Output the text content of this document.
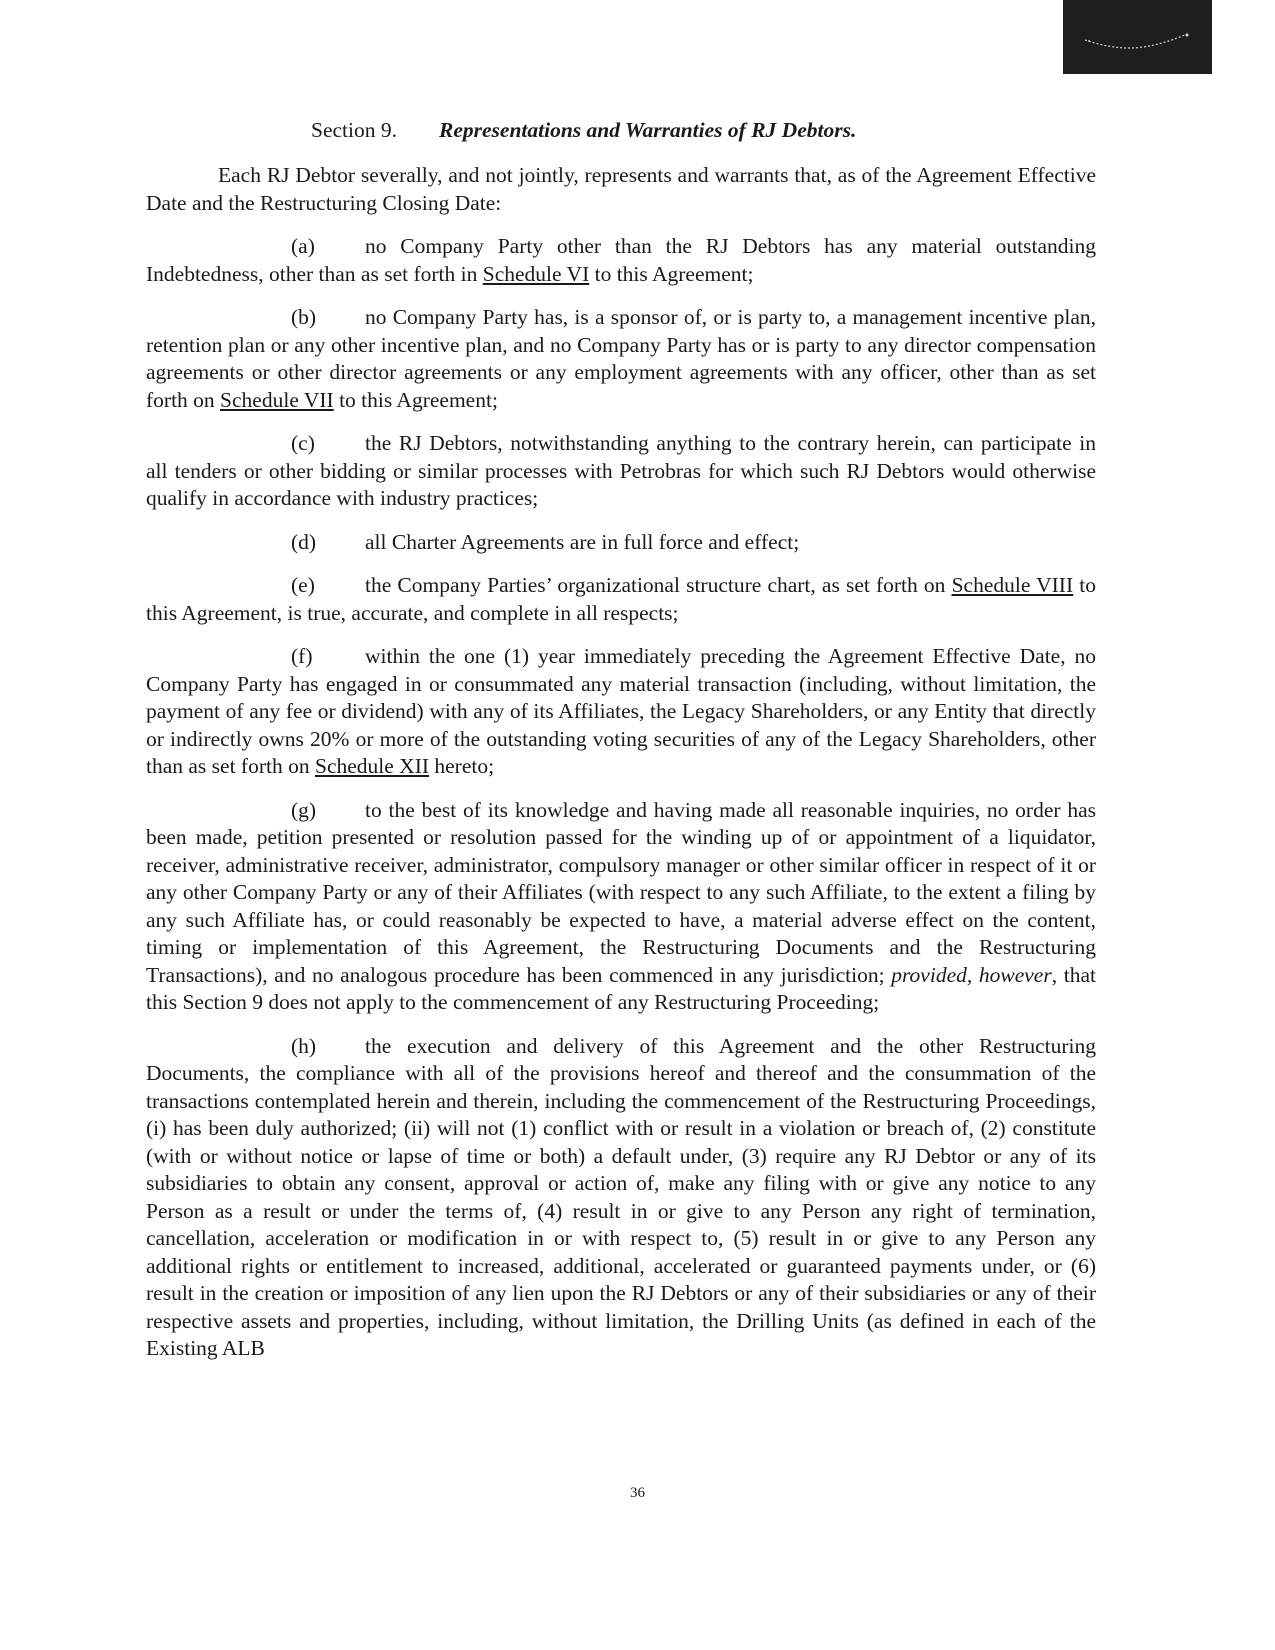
Section 9. Representations and Warranties of RJ Debtors.

Each RJ Debtor severally, and not jointly, represents and warrants that, as of the Agreement Effective Date and the Restructuring Closing Date:

(a) no Company Party other than the RJ Debtors has any material outstanding Indebtedness, other than as set forth in Schedule VI to this Agreement;

(b) no Company Party has, is a sponsor of, or is party to, a management incentive plan, retention plan or any other incentive plan, and no Company Party has or is party to any director compensation agreements or other director agreements or any employment agreements with any officer, other than as set forth on Schedule VII to this Agreement;

(c) the RJ Debtors, notwithstanding anything to the contrary herein, can participate in all tenders or other bidding or similar processes with Petrobras for which such RJ Debtors would otherwise qualify in accordance with industry practices;

(d) all Charter Agreements are in full force and effect;

(e) the Company Parties’ organizational structure chart, as set forth on Schedule VIII to this Agreement, is true, accurate, and complete in all respects;

(f) within the one (1) year immediately preceding the Agreement Effective Date, no Company Party has engaged in or consummated any material transaction (including, without limitation, the payment of any fee or dividend) with any of its Affiliates, the Legacy Shareholders, or any Entity that directly or indirectly owns 20% or more of the outstanding voting securities of any of the Legacy Shareholders, other than as set forth on Schedule XII hereto;

(g) to the best of its knowledge and having made all reasonable inquiries, no order has been made, petition presented or resolution passed for the winding up of or appointment of a liquidator, receiver, administrative receiver, administrator, compulsory manager or other similar officer in respect of it or any other Company Party or any of their Affiliates (with respect to any such Affiliate, to the extent a filing by any such Affiliate has, or could reasonably be expected to have, a material adverse effect on the content, timing or implementation of this Agreement, the Restructuring Documents and the Restructuring Transactions), and no analogous procedure has been commenced in any jurisdiction; provided, however, that this Section 9 does not apply to the commencement of any Restructuring Proceeding;

(h) the execution and delivery of this Agreement and the other Restructuring Documents, the compliance with all of the provisions hereof and thereof and the consummation of the transactions contemplated herein and therein, including the commencement of the Restructuring Proceedings, (i) has been duly authorized; (ii) will not (1) conflict with or result in a violation or breach of, (2) constitute (with or without notice or lapse of time or both) a default under, (3) require any RJ Debtor or any of its subsidiaries to obtain any consent, approval or action of, make any filing with or give any notice to any Person as a result or under the terms of, (4) result in or give to any Person any right of termination, cancellation, acceleration or modification in or with respect to, (5) result in or give to any Person any additional rights or entitlement to increased, additional, accelerated or guaranteed payments under, or (6) result in the creation or imposition of any lien upon the RJ Debtors or any of their subsidiaries or any of their respective assets and properties, including, without limitation, the Drilling Units (as defined in each of the Existing ALB

36
